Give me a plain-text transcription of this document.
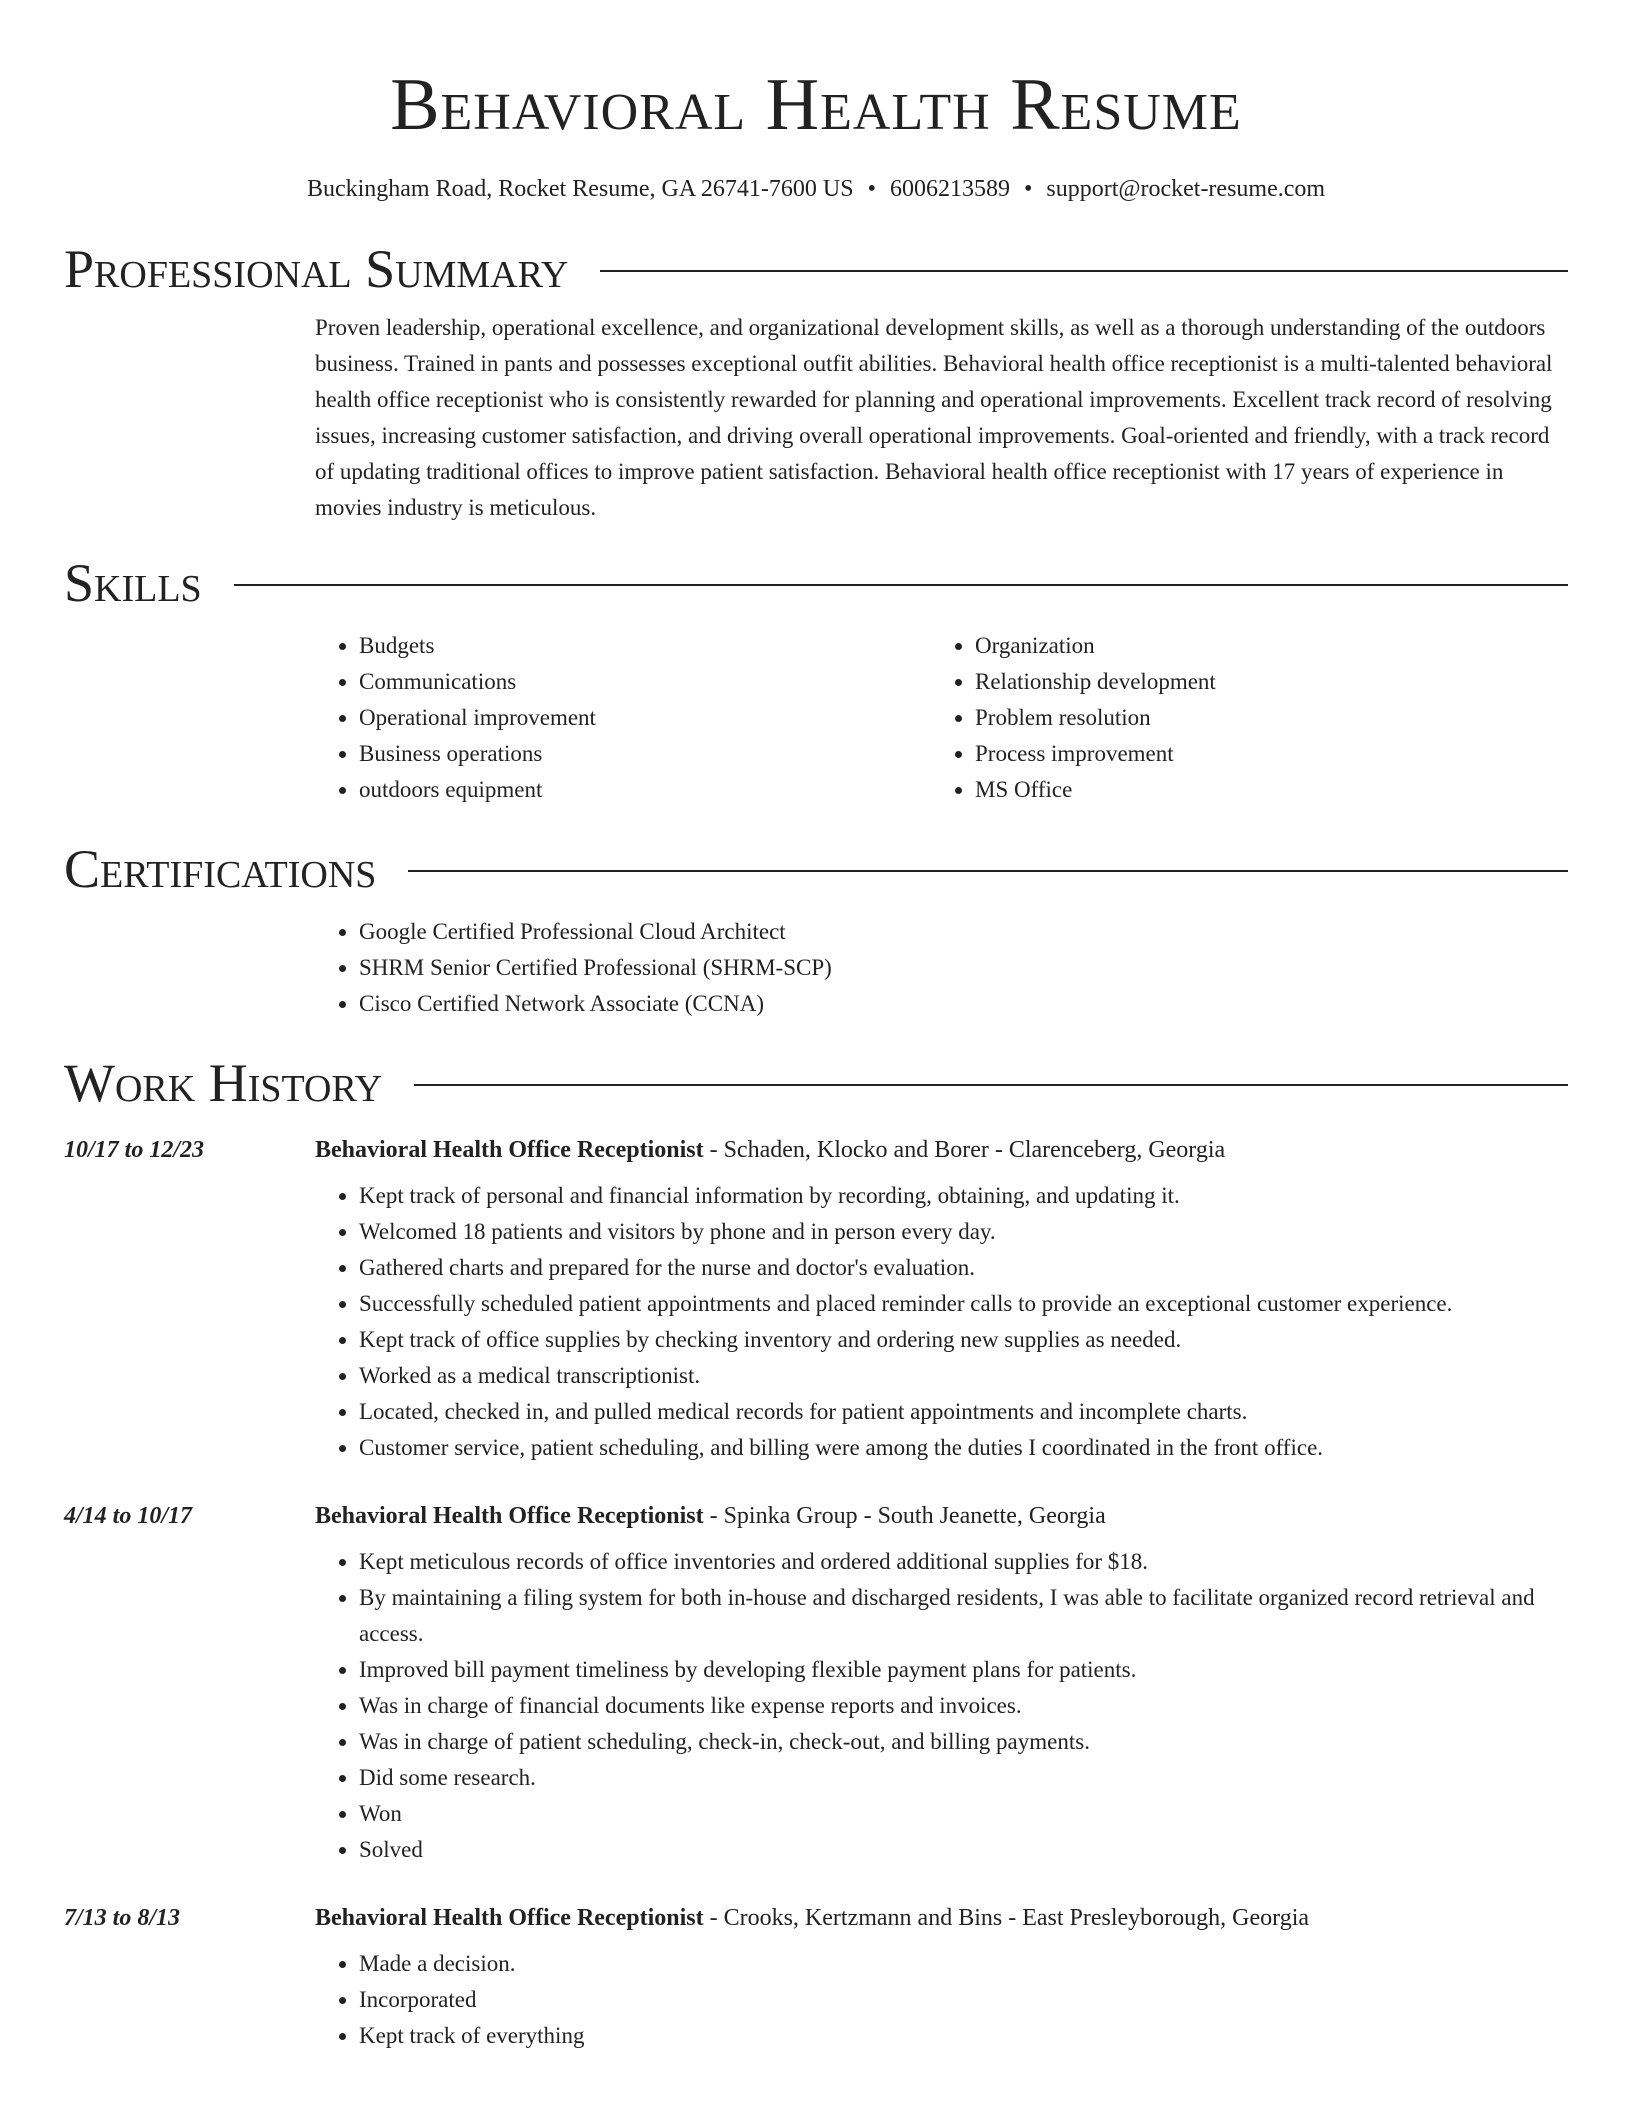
Behavioral Health Resume
Buckingham Road, Rocket Resume, GA 26741-7600 US • 6006213589 • support@rocket-resume.com
Professional Summary

Proven leadership, operational excellence, and organizational development skills, as well as a thorough understanding of the outdoors business. Trained in pants and possesses exceptional outfit abilities. Behavioral health office receptionist is a multi-talented behavioral health office receptionist who is consistently rewarded for planning and operational improvements. Excellent track record of resolving issues, increasing customer satisfaction, and driving overall operational improvements. Goal-oriented and friendly, with a track record of updating traditional offices to improve patient satisfaction. Behavioral health office receptionist with 17 years of experience in movies industry is meticulous.

Skills
• Budgets
• Communications
• Operational improvement
• Business operations
• outdoors equipment
• Organization
• Relationship development
• Problem resolution
• Process improvement
• MS Office
Certifications
• Google Certified Professional Cloud Architect
• SHRM Senior Certified Professional (SHRM-SCP)
• Cisco Certified Network Associate (CCNA)
Work History
10/17 to 12/23	Behavioral Health Office Receptionist - Schaden, Klocko and Borer - Clarenceberg, Georgia
• Kept track of personal and financial information by recording, obtaining, and updating it.
• Welcomed 18 patients and visitors by phone and in person every day.
• Gathered charts and prepared for the nurse and doctor's evaluation.
• Successfully scheduled patient appointments and placed reminder calls to provide an exceptional customer experience.
• Kept track of office supplies by checking inventory and ordering new supplies as needed.
• Worked as a medical transcriptionist.
• Located, checked in, and pulled medical records for patient appointments and incomplete charts.
• Customer service, patient scheduling, and billing were among the duties I coordinated in the front office.
4/14 to 10/17	Behavioral Health Office Receptionist - Spinka Group - South Jeanette, Georgia
• Kept meticulous records of office inventories and ordered additional supplies for $18.
• By maintaining a filing system for both in-house and discharged residents, I was able to facilitate organized record retrieval and access.
• Improved bill payment timeliness by developing flexible payment plans for patients.
• Was in charge of financial documents like expense reports and invoices.
• Was in charge of patient scheduling, check-in, check-out, and billing payments.
• Did some research.
• Won
• Solved
7/13 to 8/13	Behavioral Health Office Receptionist - Crooks, Kertzmann and Bins - East Presleyborough, Georgia
• Made a decision.
• Incorporated
• Kept track of everything
